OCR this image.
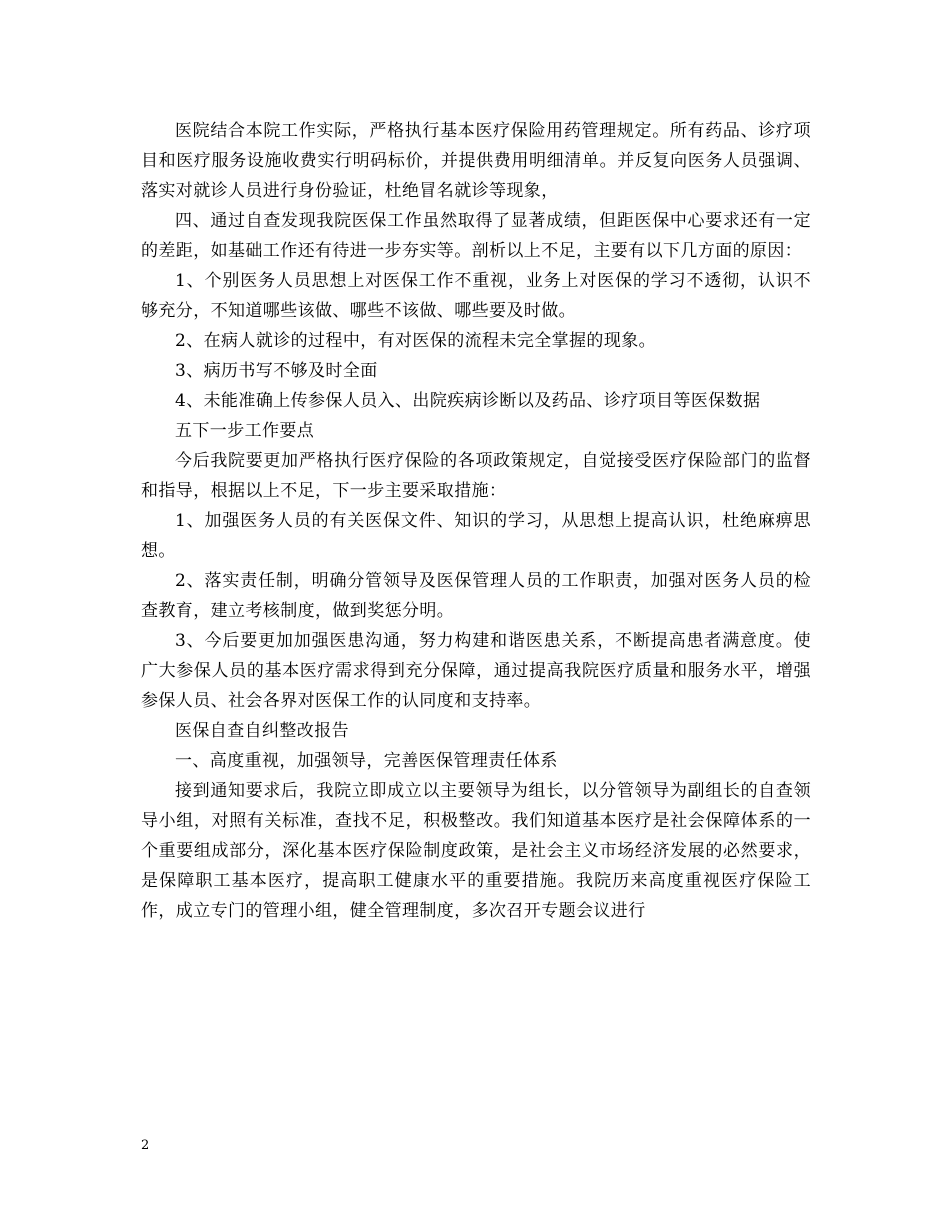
医院结合本院工作实际，严格执行基本医疗保险用药管理规定。所有药品、诊疗项目和医疗服务设施收费实行明码标价，并提供费用明细清单。并反复向医务人员强调、落实对就诊人员进行身份验证，杜绝冒名就诊等现象，

四、通过自查发现我院医保工作虽然取得了显著成绩，但距医保中心要求还有一定的差距，如基础工作还有待进一步夯实等。剖析以上不足，主要有以下几方面的原因：

1、个别医务人员思想上对医保工作不重视，业务上对医保的学习不透彻，认识不够充分，不知道哪些该做、哪些不该做、哪些要及时做。

2、在病人就诊的过程中，有对医保的流程未完全掌握的现象。

3、病历书写不够及时全面

4、未能准确上传参保人员入、出院疾病诊断以及药品、诊疗项目等医保数据

五下一步工作要点

今后我院要更加严格执行医疗保险的各项政策规定，自觉接受医疗保险部门的监督和指导，根据以上不足，下一步主要采取措施：

1、加强医务人员的有关医保文件、知识的学习，从思想上提高认识，杜绝麻痹思想。

2、落实责任制，明确分管领导及医保管理人员的工作职责，加强对医务人员的检查教育，建立考核制度，做到奖惩分明。

3、今后要更加加强医患沟通，努力构建和谐医患关系，不断提高患者满意度。使广大参保人员的基本医疗需求得到充分保障，通过提高我院医疗质量和服务水平，增强参保人员、社会各界对医保工作的认同度和支持率。

医保自查自纠整改报告

一、高度重视，加强领导，完善医保管理责任体系

接到通知要求后，我院立即成立以主要领导为组长，以分管领导为副组长的自查领导小组，对照有关标准，查找不足，积极整改。我们知道基本医疗是社会保障体系的一个重要组成部分，深化基本医疗保险制度政策，是社会主义市场经济发展的必然要求，是保障职工基本医疗，提高职工健康水平的重要措施。我院历来高度重视医疗保险工作，成立专门的管理小组，健全管理制度，多次召开专题会议进行

2
